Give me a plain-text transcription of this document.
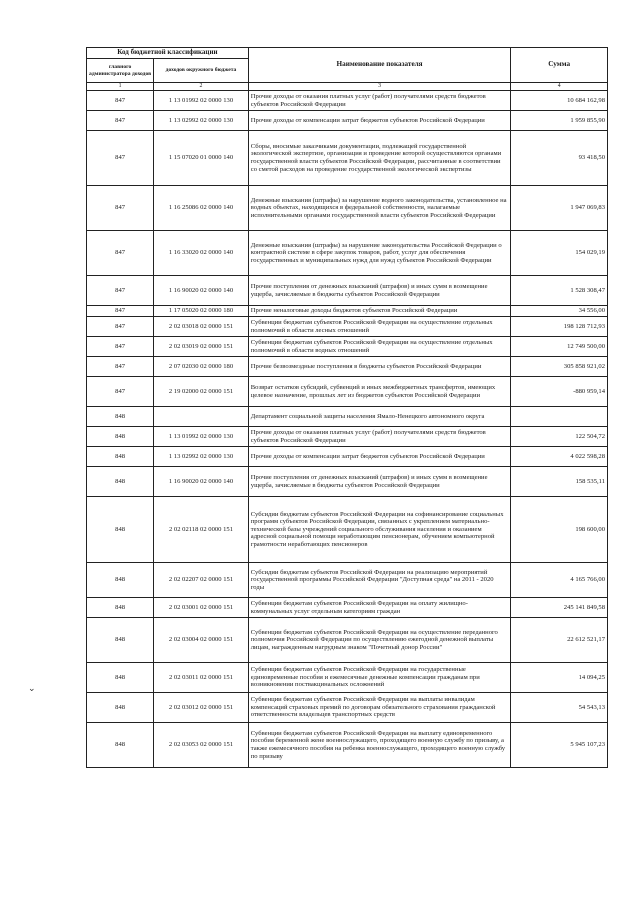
Код бюджетной классификации		Наименование показателя	Сумма
главного администратора доходов	доходов окружного бюджета		
1	2	3	4
847	1 13 01992 02 0000 130	Прочие доходы от оказания платных услуг (работ) получателями средств бюджетов субъектов Российской Федерации	10 684 162,98
847	1 13 02992 02 0000 130	Прочие доходы от компенсации затрат бюджетов субъектов Российской Федерации	1 959 855,90
847	1 15 07020 01 0000 140	Сборы, вносимые заказчиками документации, подлежащей государственной экологической экспертизе, организация и проведение которой осуществляются органами государственной власти субъектов Российской Федерации, рассчитанные в соответствии со сметой расходов на проведение государственной экологической экспертизы	93 418,50
847	1 16 25086 02 0000 140	Денежные взыскания (штрафы) за нарушение водного законодательства, установленное на водных объектах, находящихся в федеральной собственности, налагаемые исполнительными органами государственной власти субъектов Российской Федерации	1 947 069,83
847	1 16 33020 02 0000 140	Денежные взыскания (штрафы) за нарушение законодательства Российской Федерации о контрактной системе в сфере закупок товаров, работ, услуг для обеспечения государственных и муниципальных нужд для нужд субъектов Российской Федерации	154 029,19
847	1 16 90020 02 0000 140	Прочие поступления от денежных взысканий (штрафов) и иных сумм в возмещение ущерба, зачисляемые в бюджеты субъектов Российской Федерации	1 528 308,47
847	1 17 05020 02 0000 180	Прочие неналоговые доходы бюджетов субъектов Российской Федерации	34 556,00
847	2 02 03018 02 0000 151	Субвенции бюджетам субъектов Российской Федерации на осуществление отдельных полномочий в области лесных отношений	198 128 712,93
847	2 02 03019 02 0000 151	Субвенции бюджетам субъектов Российской Федерации на осуществление отдельных полномочий в области водных отношений	12 749 500,00
847	2 07 02030 02 0000 180	Прочие безвозмездные поступления в бюджеты субъектов Российской Федерации	305 858 921,02
847	2 19 02000 02 0000 151	Возврат остатков субсидий, субвенций и иных межбюджетных трансфертов, имеющих целевое назначение, прошлых лет из бюджетов субъектов Российской Федерации	-880 959,14
848		Департамент социальной защиты населения Ямало-Ненецкого автономного округа	
848	1 13 01992 02 0000 130	Прочие доходы от оказания платных услуг (работ) получателями средств бюджетов субъектов Российской Федерации	122 504,72
848	1 13 02992 02 0000 130	Прочие доходы от компенсации затрат бюджетов субъектов Российской Федерации	4 022 598,28
848	1 16 90020 02 0000 140	Прочие поступления от денежных взысканий (штрафов) и иных сумм в возмещение ущерба, зачисляемые в бюджеты субъектов Российской Федерации	158 535,11
848	2 02 02118 02 0000 151	Субсидии бюджетам субъектов Российской Федерации на софинансирование социальных программ субъектов Российской Федерации, связанных с укреплением материально-технической базы учреждений социального обслуживания населения и оказанием адресной социальной помощи неработающим пенсионерам, обучением компьютерной грамотности неработающих пенсионеров	198 600,00
848	2 02 02207 02 0000 151	Субсидии бюджетам субъектов Российской Федерации на реализацию мероприятий государственной программы Российской Федерации "Доступная среда" на 2011 - 2020 годы	4 165 766,00
848	2 02 03001 02 0000 151	Субвенции бюджетам субъектов Российской Федерации на оплату жилищно-коммунальных услуг отдельным категориям граждан	245 141 849,58
848	2 02 03004 02 0000 151	Субвенции бюджетам субъектов Российской Федерации на осуществление переданного полномочия Российской Федерации по осуществлению ежегодной денежной выплаты лицам, награжденным нагрудным знаком "Почетный донор России"	22 612 521,17
848	2 02 03011 02 0000 151	Субвенции бюджетам субъектов Российской Федерации на государственные единовременные пособия и ежемесячные денежные компенсации гражданам при возникновении поствакцинальных осложнений	14 094,25
848	2 02 03012 02 0000 151	Субвенции бюджетам субъектов Российской Федерации на выплаты инвалидам компенсаций страховых премий по договорам обязательного страхования гражданской ответственности владельцев транспортных средств	54 543,13
848	2 02 03053 02 0000 151	Субвенции бюджетам субъектов Российской Федерации на выплату единовременного пособия беременной жене военнослужащего, проходящего военную службу по призыву, а также ежемесячного пособия на ребенка военнослужащего, проходящего военную службу по призыву	5 945 107,23
⌄
